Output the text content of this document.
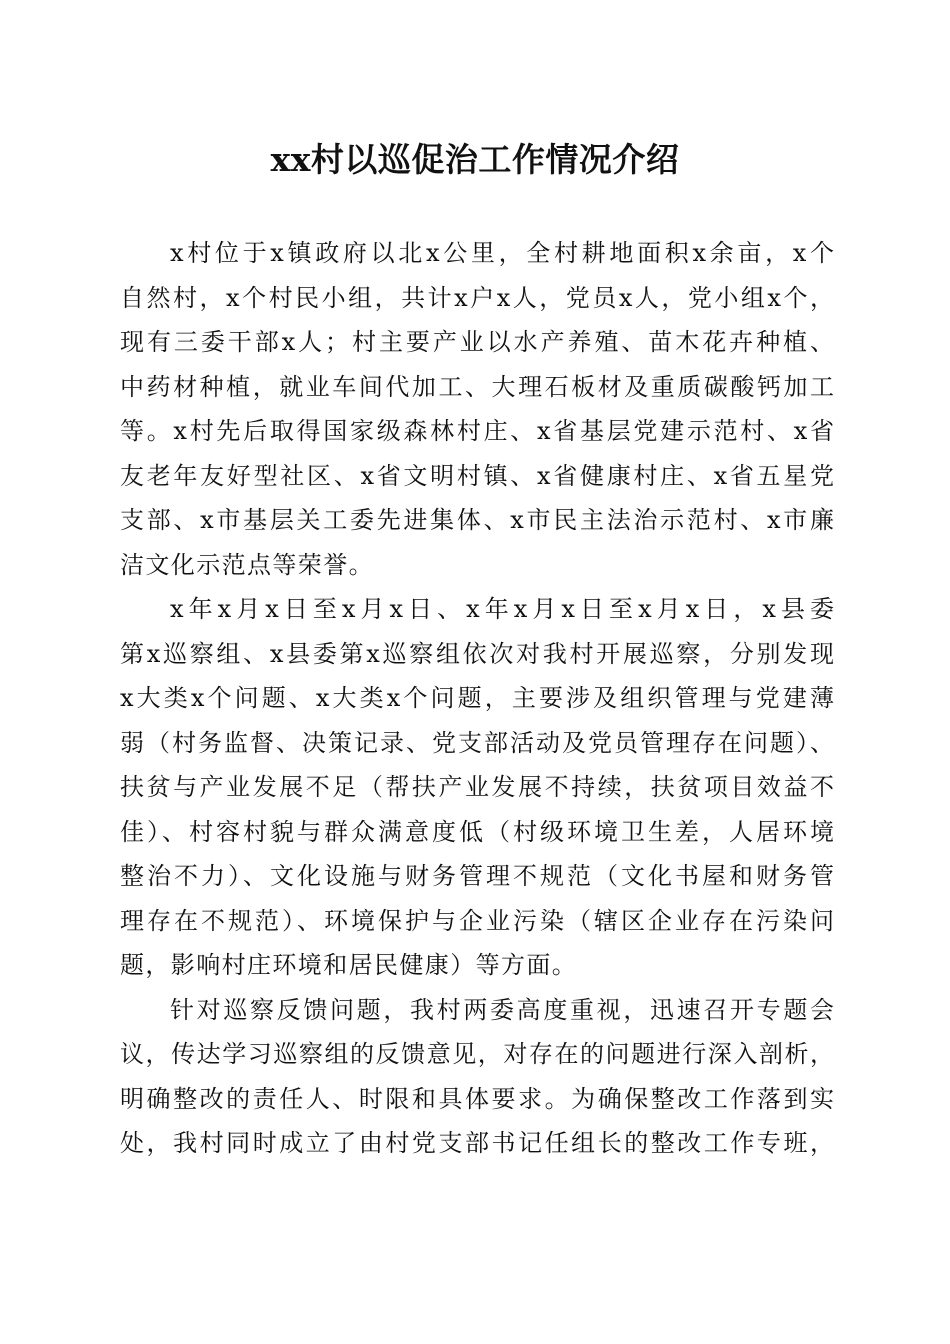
xx村以巡促治工作情况介绍
x村位于x镇政府以北x公里，全村耕地面积x余亩，x个
自然村，x个村民小组，共计x户x人，党员x人，党小组x个，
现有三委干部x人；村主要产业以水产养殖、苗木花卉种植、
中药材种植，就业车间代加工、大理石板材及重质碳酸钙加工
等。x村先后取得国家级森林村庄、x省基层党建示范村、x省
友老年友好型社区、x省文明村镇、x省健康村庄、x省五星党
支部、x市基层关工委先进集体、x市民主法治示范村、x市廉
洁文化示范点等荣誉。
x年x月x日至x月x日、x年x月x日至x月x日，x县委
第x巡察组、x县委第x巡察组依次对我村开展巡察，分别发现
x大类x个问题、x大类x个问题，主要涉及组织管理与党建薄
弱（村务监督、决策记录、党支部活动及党员管理存在问题）、
扶贫与产业发展不足（帮扶产业发展不持续，扶贫项目效益不
佳）、村容村貌与群众满意度低（村级环境卫生差，人居环境
整治不力）、文化设施与财务管理不规范（文化书屋和财务管
理存在不规范）、环境保护与企业污染（辖区企业存在污染问
题，影响村庄环境和居民健康）等方面。
针对巡察反馈问题，我村两委高度重视，迅速召开专题会
议，传达学习巡察组的反馈意见，对存在的问题进行深入剖析，
明确整改的责任人、时限和具体要求。为确保整改工作落到实
处，我村同时成立了由村党支部书记任组长的整改工作专班，
